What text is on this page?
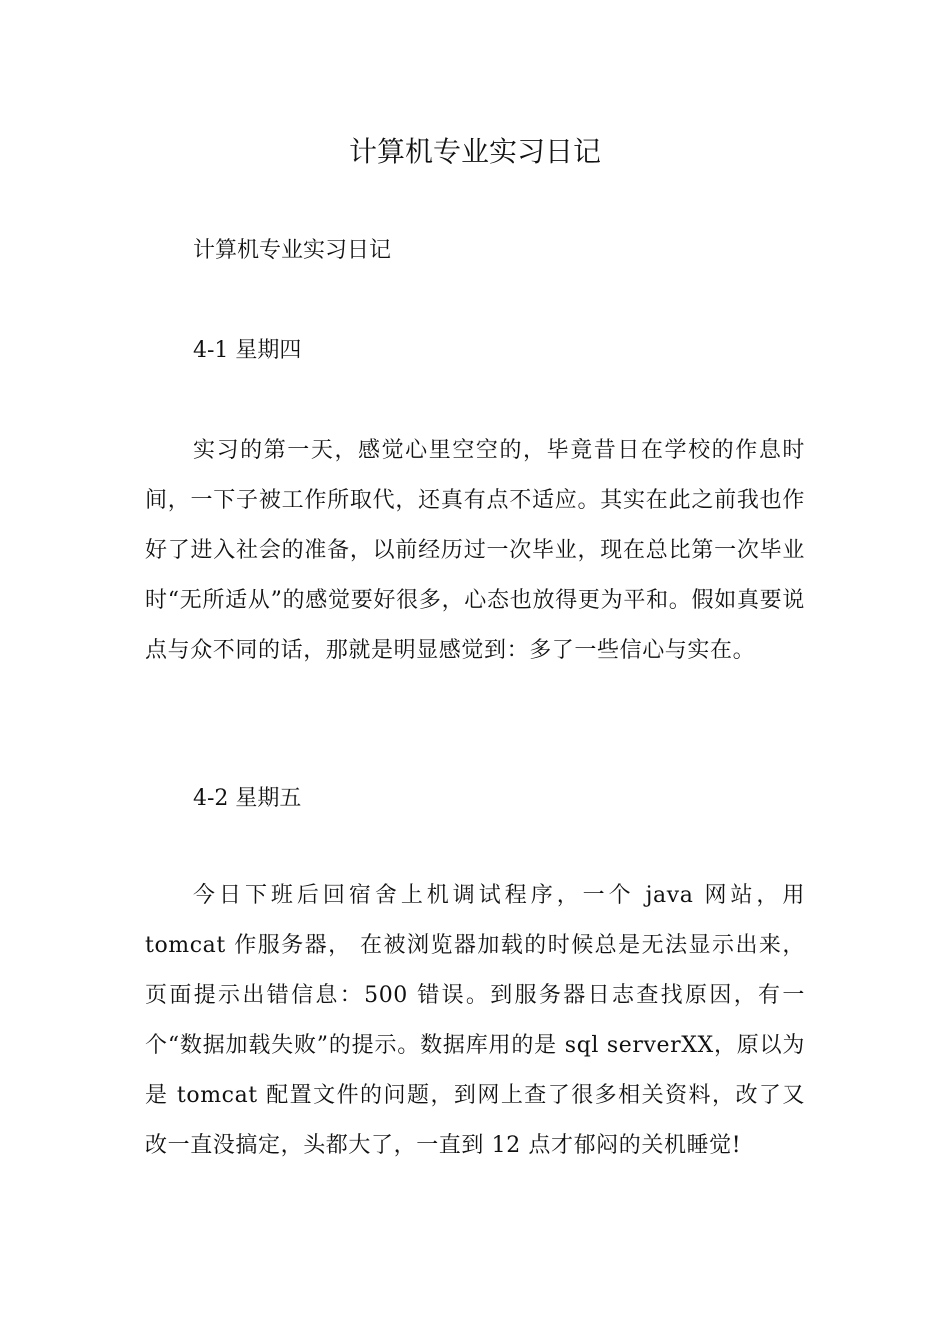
计算机专业实习日记

计算机专业实习日记

4-1 星期四

实习的第一天，感觉心里空空的，毕竟昔日在学校的作息时间，一下子被工作所取代，还真有点不适应。其实在此之前我也作好了进入社会的准备，以前经历过一次毕业，现在总比第一次毕业时“无所适从”的感觉要好很多，心态也放得更为平和。假如真要说点与众不同的话，那就是明显感觉到：多了一些信心与实在。

4-2 星期五

今日下班后回宿舍上机调试程序，一个 java 网站，用 tomcat 作服务器， 在被浏览器加载的时候总是无法显示出来，页面提示出错信息：500 错误。到服务器日志查找原因，有一个“数据加载失败”的提示。数据库用的是 sql serverXX，原以为是 tomcat 配置文件的问题，到网上查了很多相关资料，改了又改一直没搞定，头都大了，一直到 12 点才郁闷的关机睡觉!
